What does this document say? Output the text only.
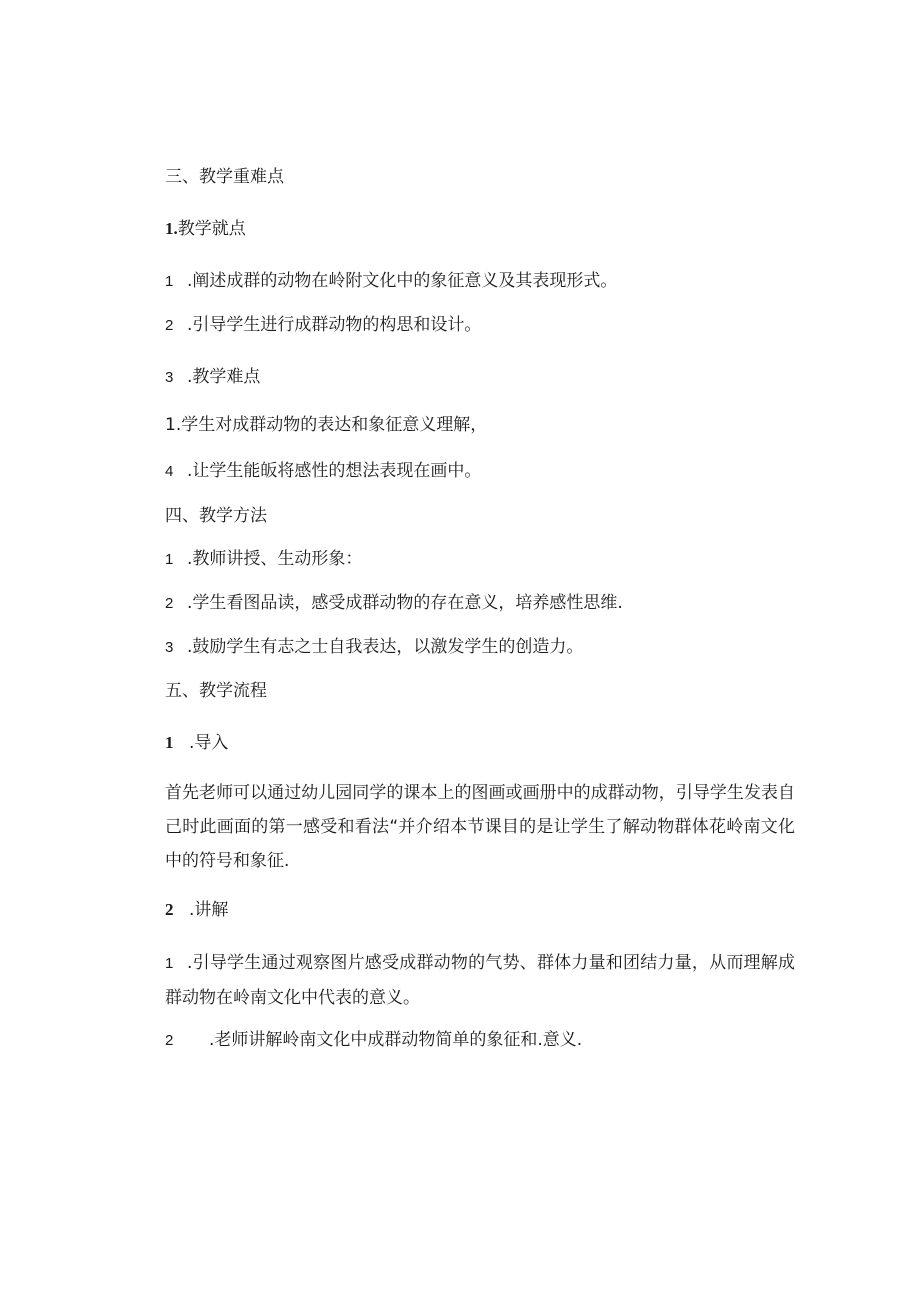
三、教学重难点
1.教学就点
1 .阐述成群的动物在岭附文化中的象征意义及其表现形式。
2 .引导学生进行成群动物的构思和设计。
3 .教学难点
1.学生对成群动物的表达和象征意义理解，
4 .让学生能皈将感性的想法表现在画中。
四、教学方法
1 .教师讲授、生动形象：
2 .学生看图品读，感受成群动物的存在意义，培养感性思维.
3 .鼓励学生有志之士自我表达，以激发学生的创造力。
五、教学流程
1 .导入
首先老师可以通过幼儿园同学的课本上的图画或画册中的成群动物，引导学生发表自己时此画面的第一感受和看法“并介绍本节课目的是让学生了解动物群体花岭南文化中的符号和象征.
2 .讲解
1 .引导学生通过观察图片感受成群动物的气势、群体力量和团结力量，从而理解成群动物在岭南文化中代表的意义。
2 .老师讲解岭南文化中成群动物简单的象征和.意义.
